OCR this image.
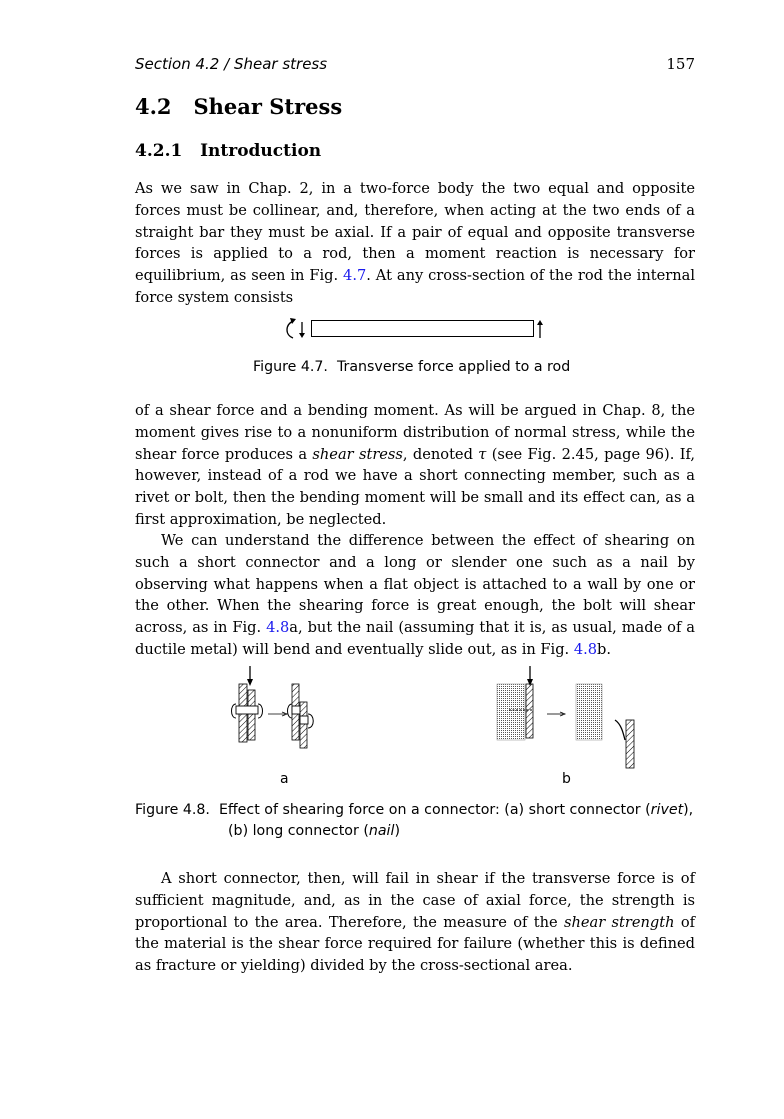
Section 4.2 / Shear stress	157
4.2   Shear Stress
4.2.1   Introduction

As we saw in Chap. 2, in a two-force body the two equal and opposite forces must be collinear, and, therefore, when acting at the two ends of a straight bar they must be axial. If a pair of equal and opposite transverse forces is applied to a rod, then a moment reaction is necessary for equilibrium, as seen in Fig. 4.7. At any cross-section of the rod the internal force system consists

Figure 4.7. Transverse force applied to a rod

of a shear force and a bending moment. As will be argued in Chap. 8, the moment gives rise to a nonuniform distribution of normal stress, while the shear force produces a shear stress, denoted τ (see Fig. 2.45, page 96). If, however, instead of a rod we have a short connecting member, such as a rivet or bolt, then the bending moment will be small and its effect can, as a first approximation, be neglected.

We can understand the difference between the effect of shearing on such a short connector and a long or slender one such as a nail by observing what happens when a flat object is attached to a wall by one or the other. When the shearing force is great enough, the bolt will shear across, as in Fig. 4.8a, but the nail (assuming that it is, as usual, made of a ductile metal) will bend and eventually slide out, as in Fig. 4.8b.

a	b
Figure 4.8. Effect of shearing force on a connector: (a) short connector (rivet),
(b) long connector (nail)

A short connector, then, will fail in shear if the transverse force is of sufficient magnitude, and, as in the case of axial force, the strength is proportional to the area. Therefore, the measure of the shear strength of the material is the shear force required for failure (whether this is defined as fracture or yielding) divided by the cross-sectional area.
